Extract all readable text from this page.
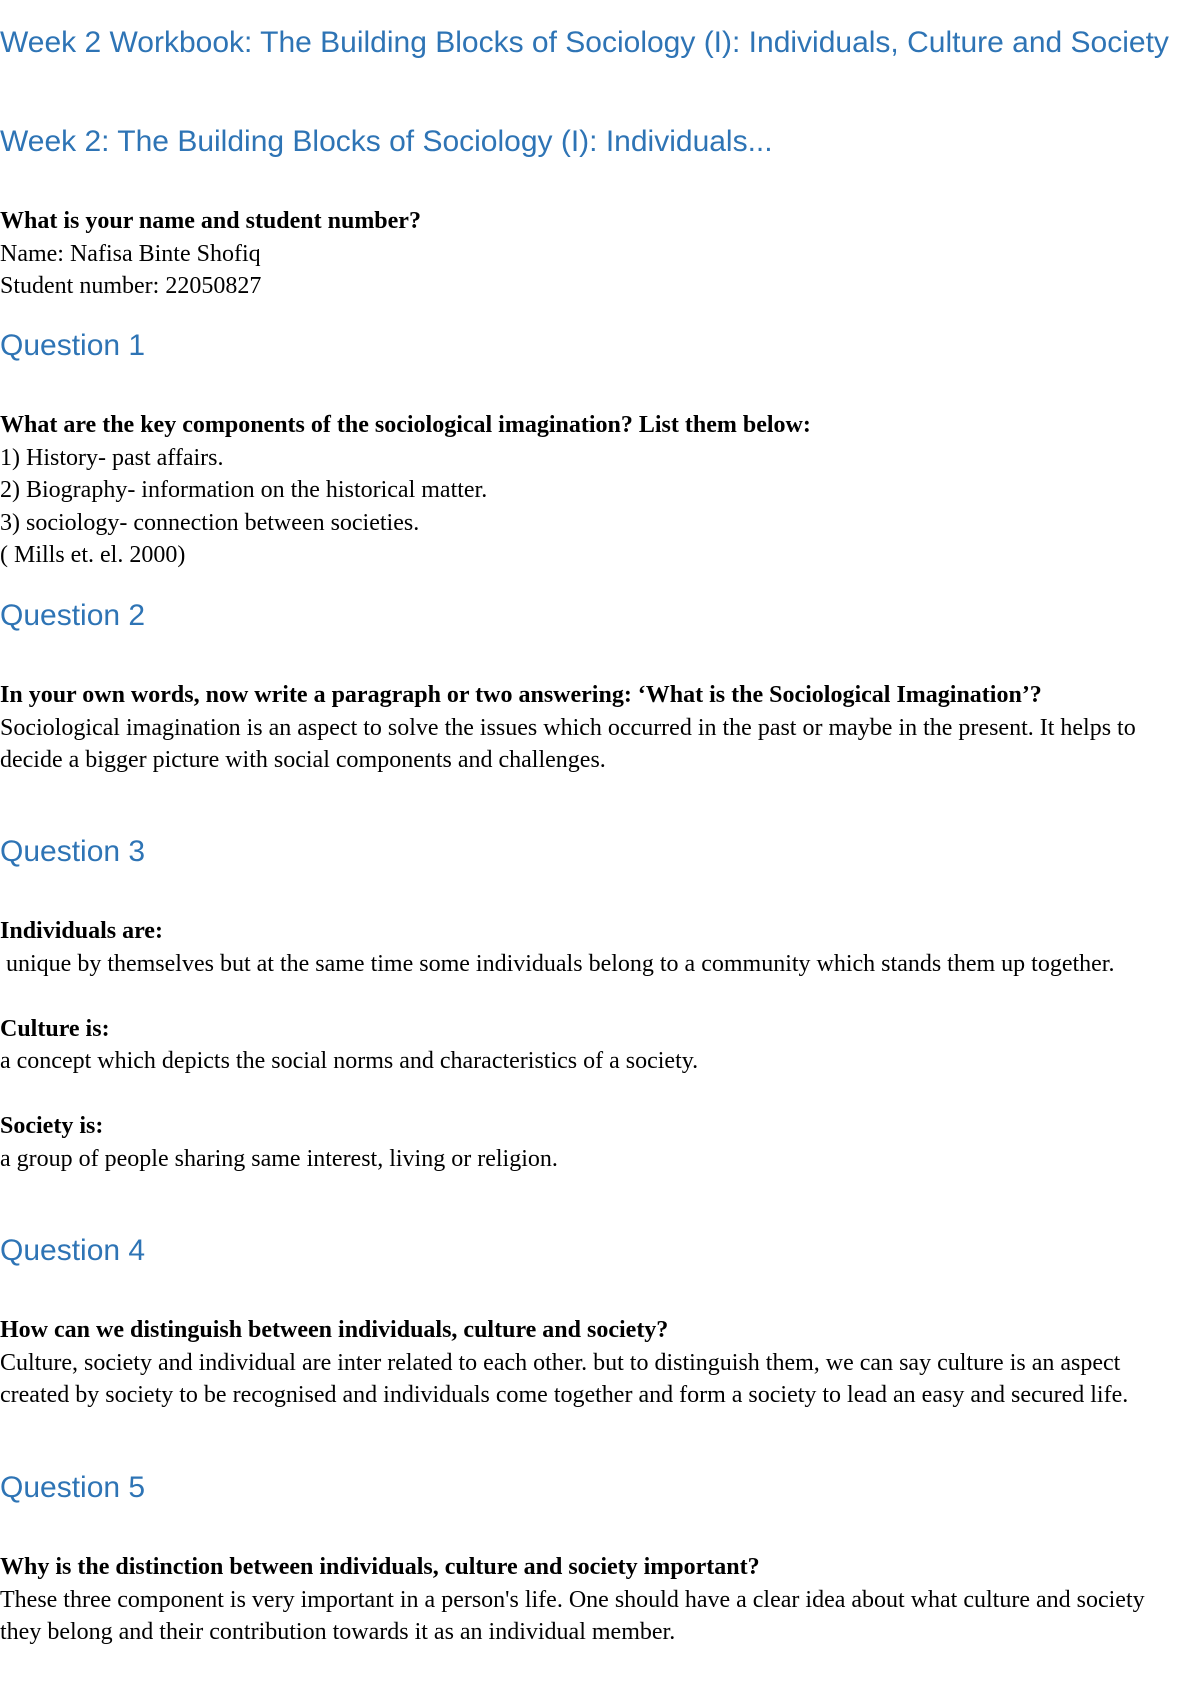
Week 2 Workbook: The Building Blocks of Sociology (I): Individuals, Culture and Society
Week 2: The Building Blocks of Sociology (I): Individuals...

What is your name and student number?

Name: Nafisa Binte Shofiq

Student number: 22050827

Question 1

What are the key components of the sociological imagination? List them below:

1) History- past affairs.

2) Biography- information on the historical matter.

3) sociology- connection between societies.

( Mills et. el. 2000)

Question 2

In your own words, now write a paragraph or two answering: ‘What is the Sociological Imagination’?

Sociological imagination is an aspect to solve the issues which occurred in the past or maybe in the present. It helps to decide a bigger picture with social components and challenges.

Question 3

Individuals are:

unique by themselves but at the same time some individuals belong to a community which stands them up together.

Culture is:

a concept which depicts the social norms and characteristics of a society.

Society is:

a group of people sharing same interest, living or religion.

Question 4

How can we distinguish between individuals, culture and society?

Culture, society and individual are inter related to each other. but to distinguish them, we can say culture is an aspect created by society to be recognised and individuals come together and form a society to lead an easy and secured life.

Question 5

Why is the distinction between individuals, culture and society important?

These three component is very important in a person's life. One should have a clear idea about what culture and society they belong and their contribution towards it as an individual member.
